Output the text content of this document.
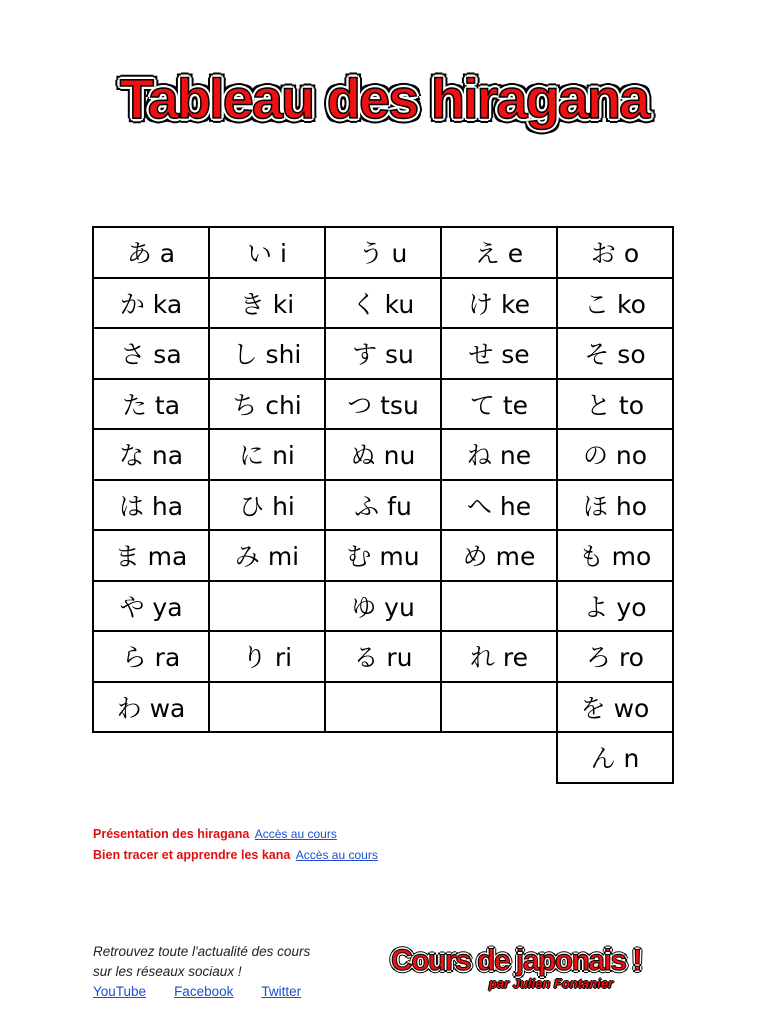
Tableau des hiragana
あ a	い i	う u	え e	お o
か ka	き ki	く ku	け ke	こ ko
さ sa	し shi	す su	せ se	そ so
た ta	ち chi	つ tsu	て te	と to
な na	に ni	ぬ nu	ね ne	の no
は ha	ひ hi	ふ fu	へ he	ほ ho
ま ma	み mi	む mu	め me	も mo
や ya		ゆ yu		よ yo
ら ra	り ri	る ru	れ re	ろ ro
わ wa				を wo
				ん n
Présentation des hiragana Accès au cours
Bien tracer et apprendre les kana Accès au cours
Retrouvez toute l'actualité des cours
sur les réseaux sociaux !
YouTube Facebook Twitter
Cours de japonais !
par Julien Fontanier
